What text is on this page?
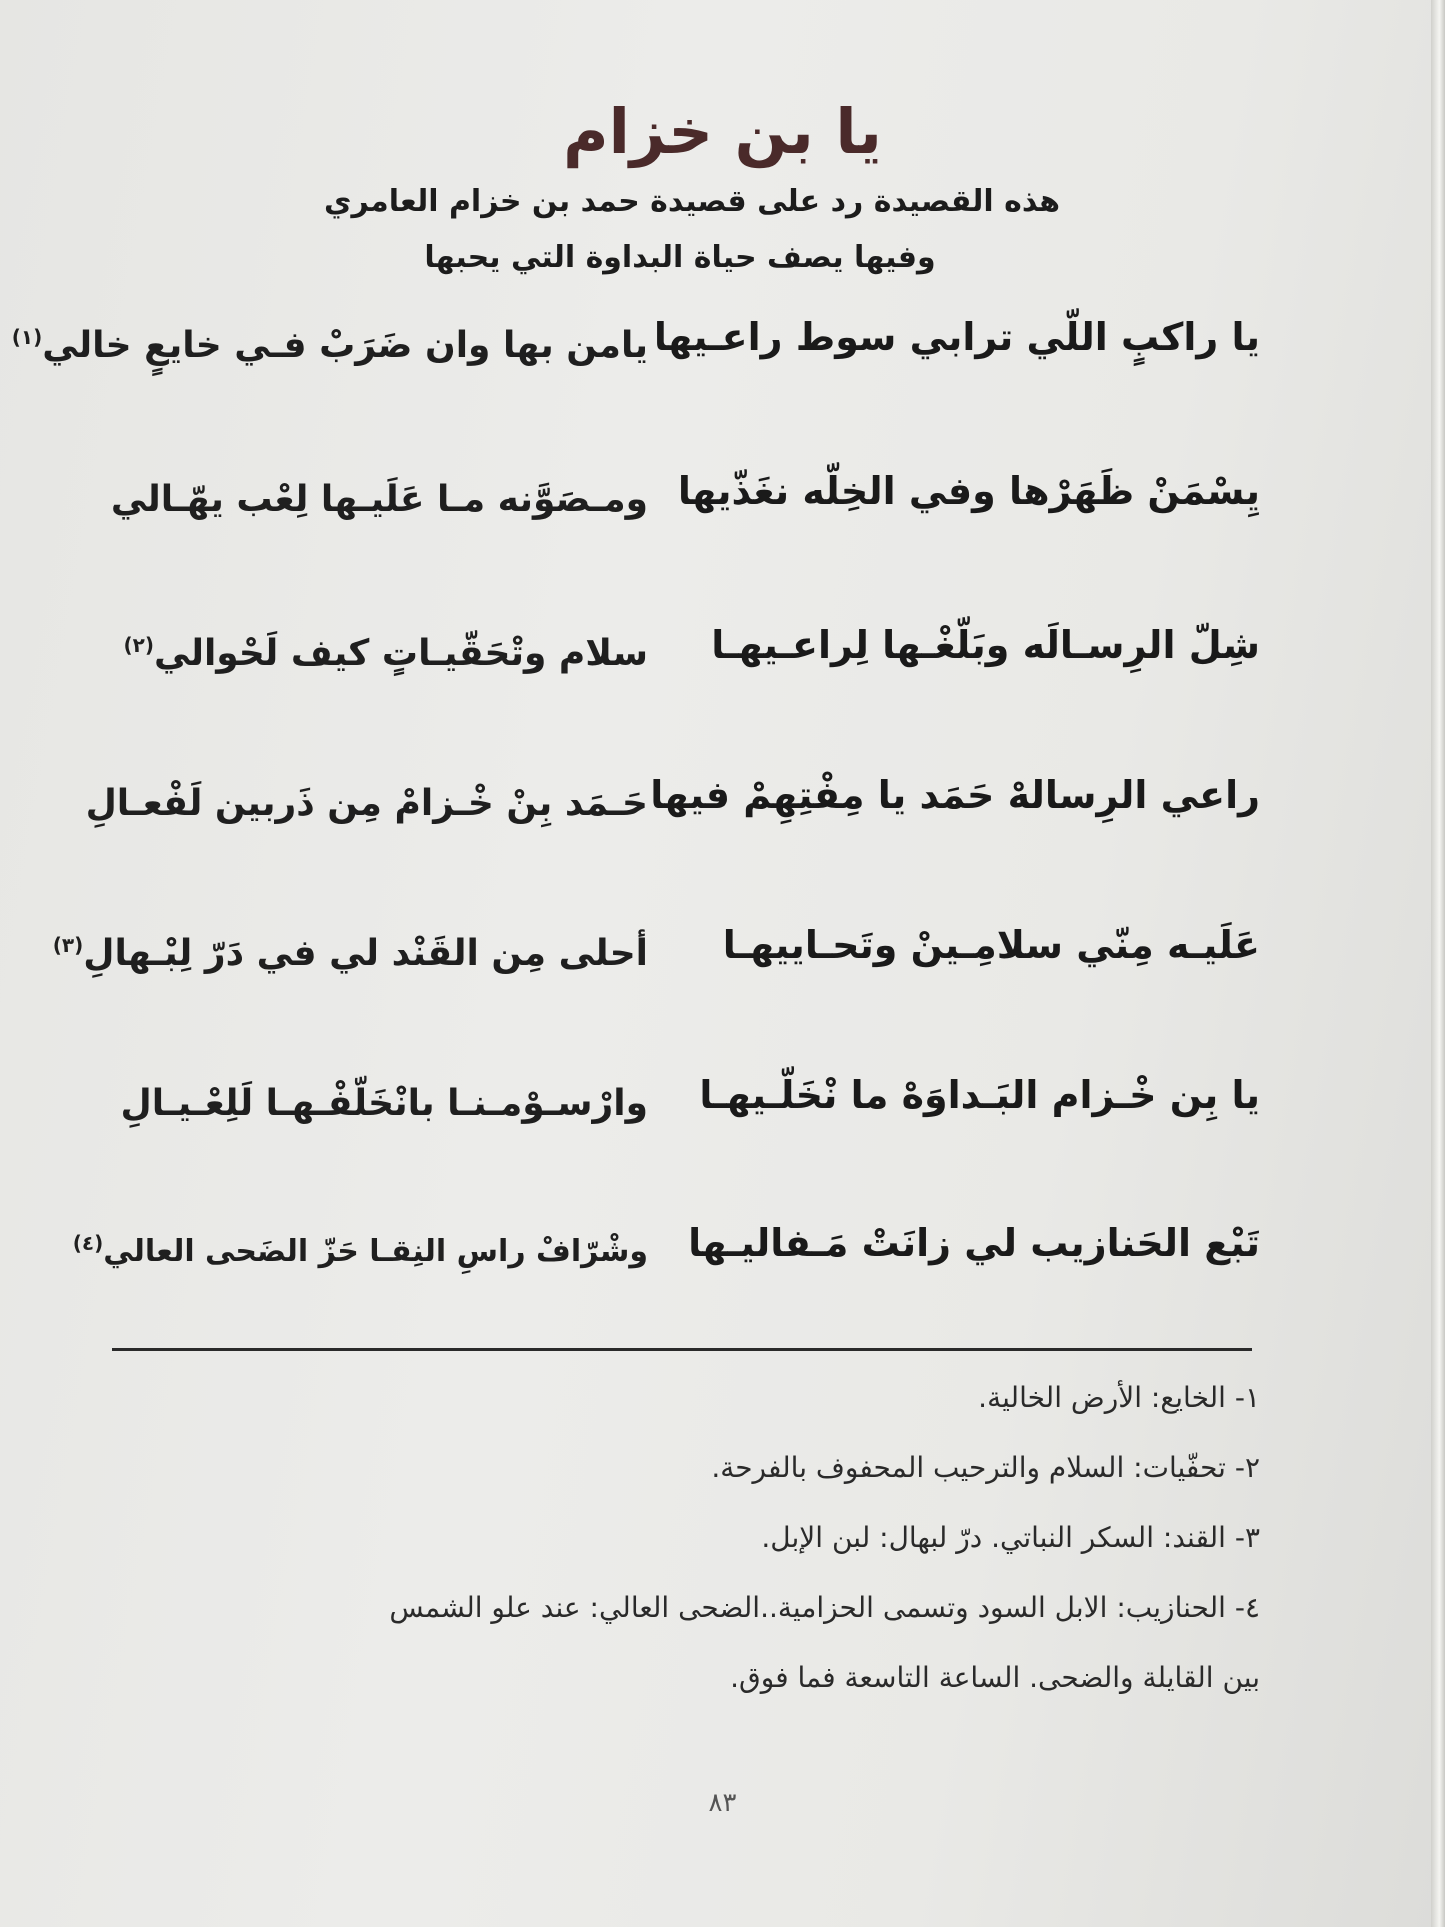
يا بن خزام
هذه القصيدة رد على قصيدة حمد بن خزام العامري
وفيها يصف حياة البداوة التي يحبها
يا راكبٍ اللّي ترابي سوط راعـيها
يامن بها وان ضَرَبْ فـي خايعٍ خالي$^{(١)}$
يِسْمَنْ ظَهَرْها وفي الخِلّه نغَذّيها
ومـصَوَّنه مـا عَلَيـها لِعْب يهّـالي
شِلّ الرِسـالَه وبَلّغْـها لِراعـيهـا
سلام وتْحَقّيـاتٍ كيف لَحْوالي$^{(٢)}$
راعي الرِسالهْ حَمَد يا مِفْتِهِمْ فيها
حَـمَد بِنْ خْـزامْ مِن ذَربين لَفْعـالِ
عَلَيـه مِنّي سلامِـينْ وتَحـاييهـا
أحلى مِن القَنْد لي في دَرّ لِبْـهالِ$^{(٣)}$
يا بِن خْـزام البَـداوَهْ ما نْخَلّـيهـا
وارْسـوْمـنـا بانْخَلّفْـهـا لَلِعْـيـالِ
تَبْع الحَنازيب لي زانَتْ مَـفاليـها
وشْرّافْ راسِ النِقـا حَزّ الضَحى العالي$^{(٤)}$
١- الخايع: الأرض الخالية.
٢- تحفّيات: السلام والترحيب المحفوف بالفرحة.
٣- القند: السكر النباتي. درّ لبهال: لبن الإبل.
٤- الحنازيب: الابل السود وتسمى الحزامية..الضحى العالي: عند علو الشمس
بين القايلة والضحى. الساعة التاسعة فما فوق.
٨٣
